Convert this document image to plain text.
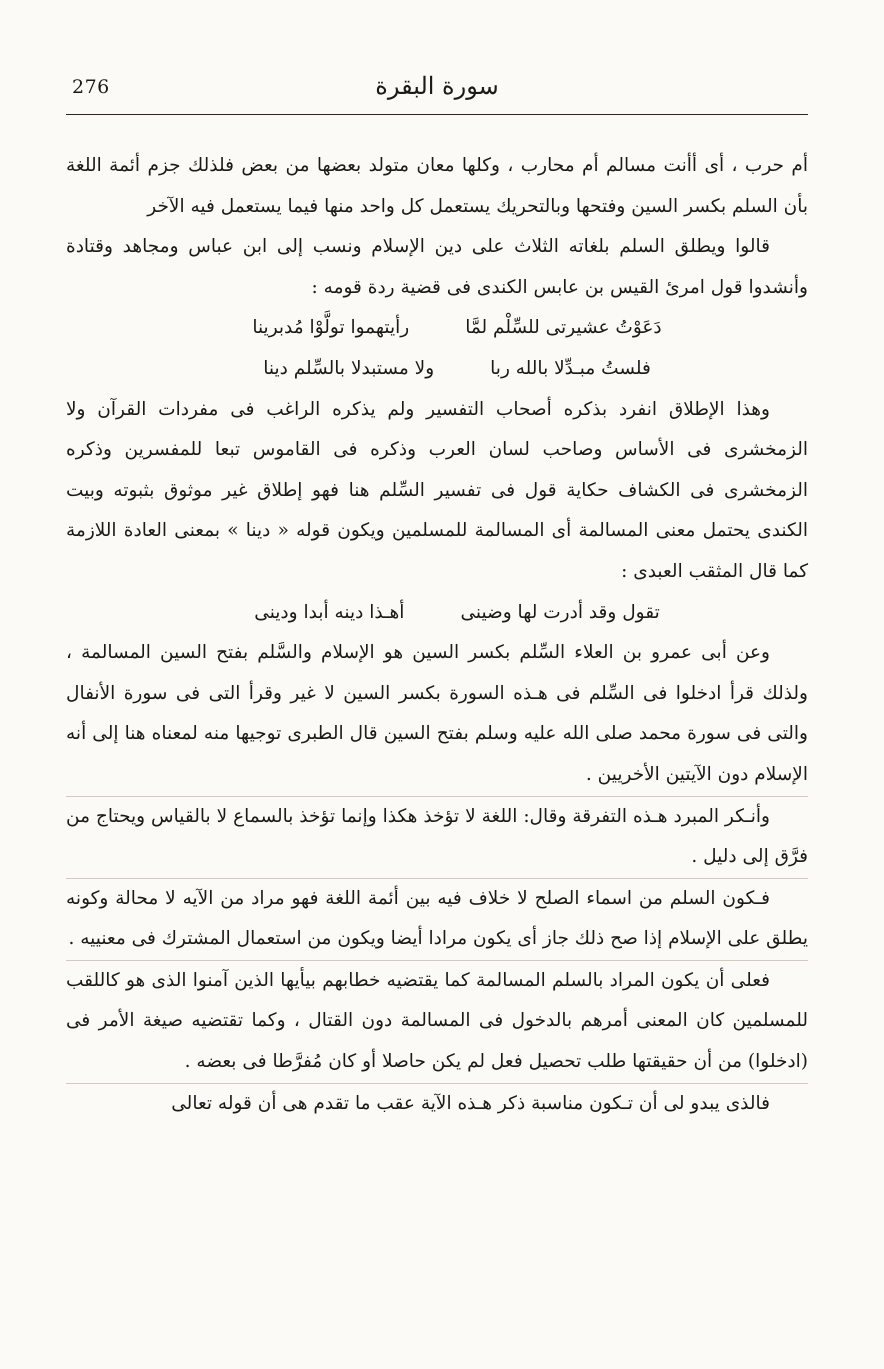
276	سورة البقرة

أم حرب ، أى أأنت مسالم أم محارب ، وكلها معان متولد بعضها من بعض فلذلك جزم أئمة اللغة بأن السلم بكسر السين وفتحها وبالتحريك يستعمل كل واحد منها فيما يستعمل فيه الآخر

قالوا ويطلق السلم بلغاته الثلاث على دين الإسلام ونسب إلى ابن عباس ومجاهد وقتادة وأنشدوا قول امرئ القيس بن عابس الكندى فى قضية ردة قومه :

دَعَوْتُ عشيرتى للسِّلْم لمَّا
رأيتهموا تولَّوْا مُدبرينا
فلستُ مبـدِّلا بالله ربا
ولا مستبدلا بالسِّلم دينا

وهذا الإطلاق انفرد بذكره أصحاب التفسير ولم يذكره الراغب فى مفردات القرآن ولا الزمخشرى فى الأساس وصاحب لسان العرب وذكره فى القاموس تبعا للمفسرين وذكره الزمخشرى فى الكشاف حكاية قول فى تفسير السِّلم هنا فهو إطلاق غير موثوق بثبوته وبيت الكندى يحتمل معنى المسالمة أى المسالمة للمسلمين ويكون قوله « دينا » بمعنى العادة اللازمة كما قال المثقب العبدى :

تقول وقد أدرت لها وضينى
أهـذا دينه أبدا ودينى

وعن أبى عمرو بن العلاء السِّلم بكسر السين هو الإسلام والسَّلم بفتح السين المسالمة ، ولذلك قرأ ادخلوا فى السِّلم فى هـذه السورة بكسر السين لا غير وقرأ التى فى سورة الأنفال والتى فى سورة محمد صلى الله عليه وسلم بفتح السين قال الطبرى توجيها منه لمعناه هنا إلى أنه الإسلام دون الآيتين الأخريين .

وأنـكر المبرد هـذه التفرقة وقال: اللغة لا تؤخذ هكذا وإنما تؤخذ بالسماع لا بالقياس ويحتاج من فرَّق إلى دليل .

فـكون السلم من اسماء الصلح لا خلاف فيه بين أئمة اللغة فهو مراد من الآيه لا محالة وكونه يطلق على الإسلام إذا صح ذلك جاز أى يكون مرادا أيضا ويكون من استعمال المشترك فى معنييه .

فعلى أن يكون المراد بالسلم المسالمة كما يقتضيه خطابهم بيأيها الذين آمنوا الذى هو كاللقب للمسلمين كان المعنى أمرهم بالدخول فى المسالمة دون القتال ، وكما تقتضيه صيغة الأمر فى (ادخلوا) من أن حقيقتها طلب تحصيل فعل لم يكن حاصلا أو كان مُفرَّطا فى بعضه .

فالذى يبدو لى أن تـكون مناسبة ذكر هـذه الآية عقب ما تقدم هى أن قوله تعالى
